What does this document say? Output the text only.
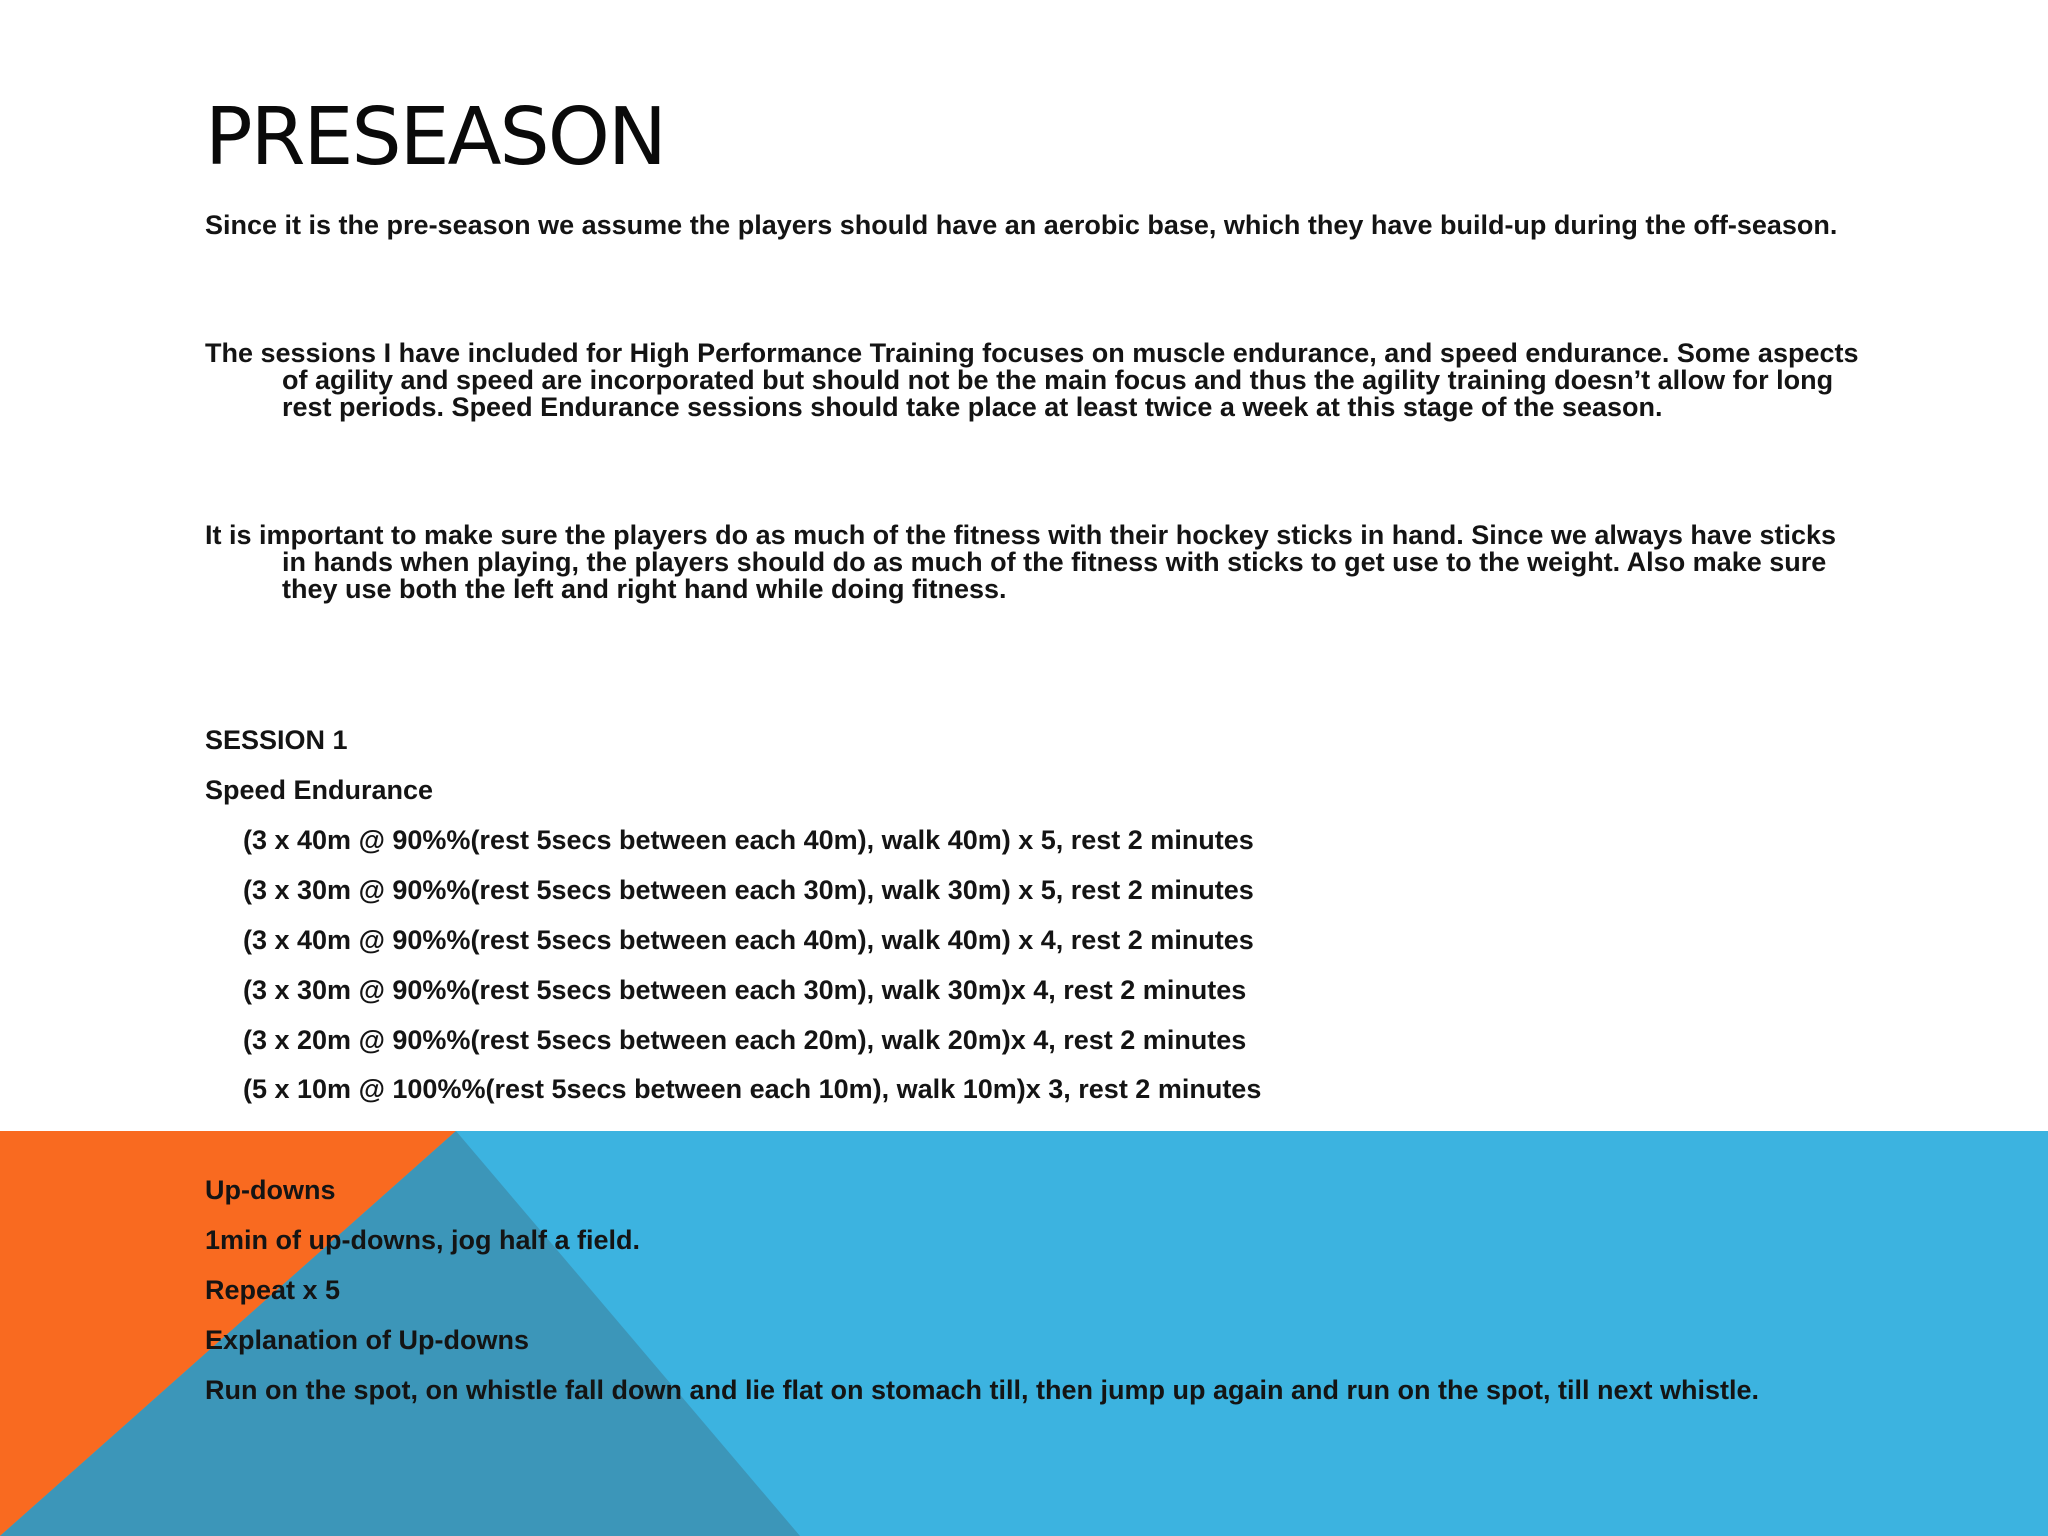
PRESEASON

Since it is the pre-season we assume the players should have an aerobic base, which they have build-up during the off-season.

The sessions I have included for High Performance Training focuses on muscle endurance, and speed endurance. Some aspects of agility and speed are incorporated but should not be the main focus and thus the agility training doesn’t allow for long rest periods. Speed Endurance sessions should take place at least twice a week at this stage of the season.

It is important to make sure the players do as much of the fitness with their hockey sticks in hand. Since we always have sticks in hands when playing, the players should do as much of the fitness with sticks to get use to the weight. Also make sure they use both the left and right hand while doing fitness.

SESSION 1

Speed Endurance

(3 x 40m @ 90%%(rest 5secs between each 40m), walk 40m) x 5, rest 2 minutes

(3 x 30m @ 90%%(rest 5secs between each 30m), walk 30m) x 5, rest 2 minutes

(3 x 40m @ 90%%(rest 5secs between each 40m), walk 40m) x 4, rest 2 minutes

(3 x 30m @ 90%%(rest 5secs between each 30m), walk 30m)x 4, rest 2 minutes

(3 x 20m @ 90%%(rest 5secs between each 20m), walk 20m)x 4, rest 2 minutes

(5 x 10m @ 100%%(rest 5secs between each 10m), walk 10m)x 3, rest 2 minutes

Up-downs

1min of up-downs, jog half a field.

Repeat x 5

Explanation of Up-downs

Run on the spot, on whistle fall down and lie flat on stomach till, then jump up again and run on the spot, till next whistle.
